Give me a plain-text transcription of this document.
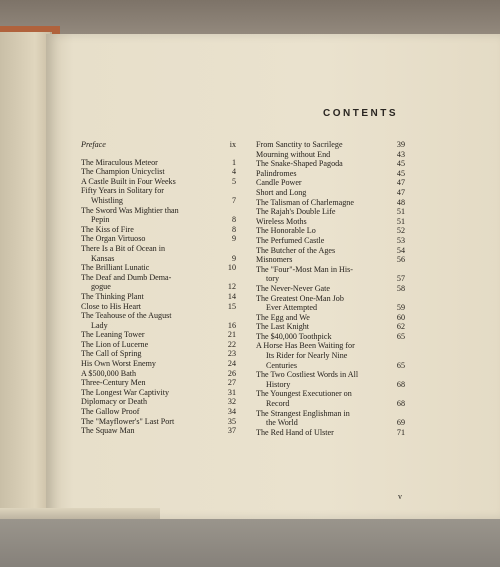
CONTENTS
Preface	ix
The Miraculous Meteor	1
The Champion Unicyclist	4
A Castle Built in Four Weeks	5
Fifty Years in Solitary for
Whistling	7
The Sword Was Mightier than
Pepin	8
The Kiss of Fire	8
The Organ Virtuoso	9
There Is a Bit of Ocean in
Kansas	9
The Brilliant Lunatic	10
The Deaf and Dumb Dema-
gogue	12
The Thinking Plant	14
Close to His Heart	15
The Teahouse of the August
Lady	16
The Leaning Tower	21
The Lion of Lucerne	22
The Call of Spring	23
His Own Worst Enemy	24
A $500,000 Bath	26
Three-Century Men	27
The Longest War Captivity	31
Diplomacy or Death	32
The Gallow Proof	34
The "Mayflower's" Last Port	35
The Squaw Man	37
From Sanctity to Sacrilege	39
Mourning without End	43
The Snake-Shaped Pagoda	45
Palindromes	45
Candle Power	47
Short and Long	47
The Talisman of Charlemagne	48
The Rajah's Double Life	51
Wireless Moths	51
The Honorable Lo	52
The Perfumed Castle	53
The Butcher of the Ages	54
Misnomers	56
The "Four"-Most Man in His-
tory	57
The Never-Never Gate	58
The Greatest One-Man Job
Ever Attempted	59
The Egg and We	60
The Last Knight	62
The $40,000 Toothpick	65
A Horse Has Been Waiting for
Its Rider for Nearly Nine
Centuries	65
The Two Costliest Words in All
History	68
The Youngest Executioner on
Record	68
The Strangest Englishman in
the World	69
The Red Hand of Ulster	71
v
